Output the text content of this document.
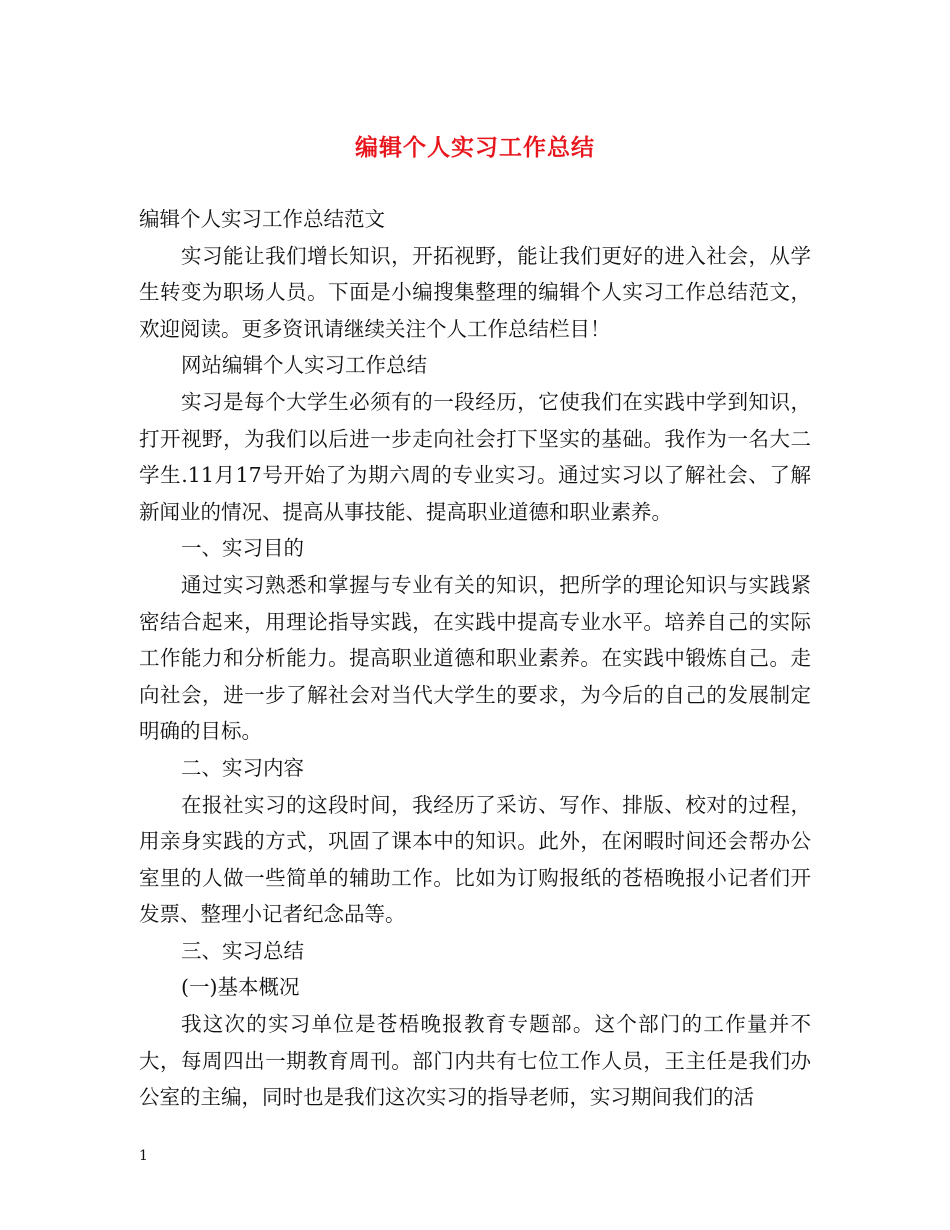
编辑个人实习工作总结

编辑个人实习工作总结范文

实习能让我们增长知识，开拓视野，能让我们更好的进入社会，从学生转变为职场人员。下面是小编搜集整理的编辑个人实习工作总结范文，欢迎阅读。更多资讯请继续关注个人工作总结栏目！

网站编辑个人实习工作总结

实习是每个大学生必须有的一段经历，它使我们在实践中学到知识，打开视野，为我们以后进一步走向社会打下坚实的基础。我作为一名大二学生.11月17号开始了为期六周的专业实习。通过实习以了解社会、了解新闻业的情况、提高从事技能、提高职业道德和职业素养。

一、实习目的

通过实习熟悉和掌握与专业有关的知识，把所学的理论知识与实践紧密结合起来，用理论指导实践，在实践中提高专业水平。培养自己的实际工作能力和分析能力。提高职业道德和职业素养。在实践中锻炼自己。走向社会，进一步了解社会对当代大学生的要求，为今后的自己的发展制定明确的目标。

二、实习内容

在报社实习的这段时间，我经历了采访、写作、排版、校对的过程，用亲身实践的方式，巩固了课本中的知识。此外，在闲暇时间还会帮办公室里的人做一些简单的辅助工作。比如为订购报纸的苍梧晚报小记者们开发票、整理小记者纪念品等。

三、实习总结

(一)基本概况

我这次的实习单位是苍梧晚报教育专题部。这个部门的工作量并不大，每周四出一期教育周刊。部门内共有七位工作人员，王主任是我们办公室的主编，同时也是我们这次实习的指导老师，实习期间我们的活

1
